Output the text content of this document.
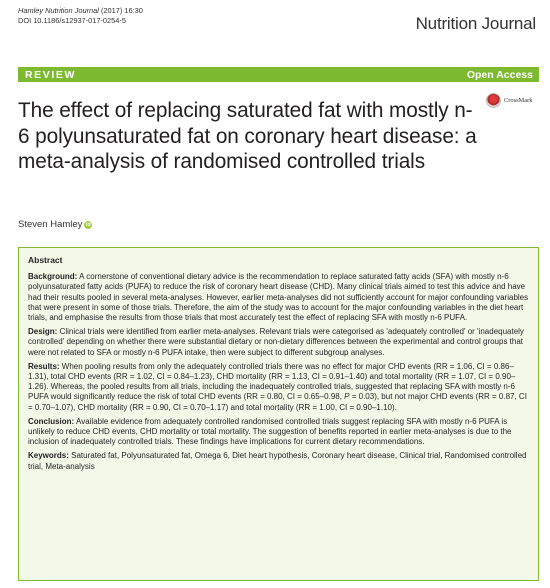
Hamley Nutrition Journal (2017) 16:30
DOI 10.1186/s12937-017-0254-5	Nutrition Journal
REVIEW	Open Access
CrossMark
The effect of replacing saturated fat with mostly n-6 polyunsaturated fat on coronary heart disease: a meta-analysis of randomised controlled trials
Steven Hamley id
Abstract

Background: A cornerstone of conventional dietary advice is the recommendation to replace saturated fatty acids (SFA) with mostly n-6 polyunsaturated fatty acids (PUFA) to reduce the risk of coronary heart disease (CHD). Many clinical trials aimed to test this advice and have had their results pooled in several meta-analyses. However, earlier meta-analyses did not sufficiently account for major confounding variables that were present in some of those trials. Therefore, the aim of the study was to account for the major confounding variables in the diet heart trials, and emphasise the results from those trials that most accurately test the effect of replacing SFA with mostly n-6 PUFA.

Design: Clinical trials were identified from earlier meta-analyses. Relevant trials were categorised as 'adequately controlled' or 'inadequately controlled' depending on whether there were substantial dietary or non-dietary differences between the experimental and control groups that were not related to SFA or mostly n-6 PUFA intake, then were subject to different subgroup analyses.

Results: When pooling results from only the adequately controlled trials there was no effect for major CHD events (RR = 1.06, CI = 0.86–1.31), total CHD events (RR = 1.02, CI = 0.84–1.23), CHD mortality (RR = 1.13, CI = 0.91–1.40) and total mortality (RR = 1.07, CI = 0.90–1.26). Whereas, the pooled results from all trials, including the inadequately controlled trials, suggested that replacing SFA with mostly n-6 PUFA would significantly reduce the risk of total CHD events (RR = 0.80, CI = 0.65–0.98, P = 0.03), but not major CHD events (RR = 0.87, CI = 0.70–1.07), CHD mortality (RR = 0.90, CI = 0.70–1.17) and total mortality (RR = 1.00, CI = 0.90–1.10).

Conclusion: Available evidence from adequately controlled randomised controlled trials suggest replacing SFA with mostly n-6 PUFA is unlikely to reduce CHD events, CHD mortality or total mortality. The suggestion of benefits reported in earlier meta-analyses is due to the inclusion of inadequately controlled trials. These findings have implications for current dietary recommendations.

Keywords: Saturated fat, Polyunsaturated fat, Omega 6, Diet heart hypothesis, Coronary heart disease, Clinical trial, Randomised controlled trial, Meta-analysis
